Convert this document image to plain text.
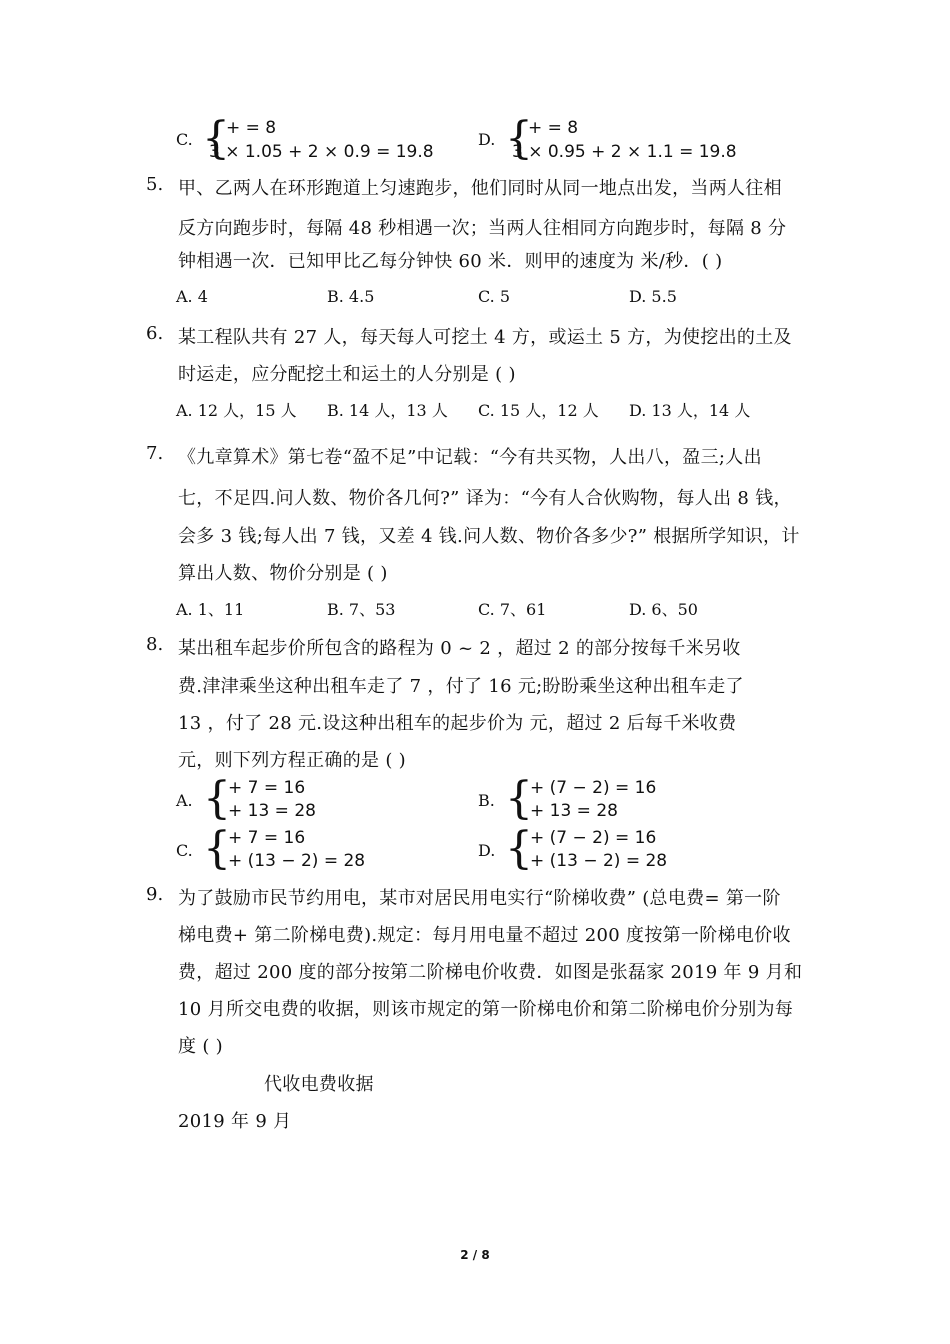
C. {
+ = 8
3 × 1.05 + 2 × 0.9 = 19.8
D. {
+ = 8
3 × 0.95 + 2 × 1.1 = 19.8
5. 甲、乙两人在环形跑道上匀速跑步，他们同时从同一地点出发，当两人往相
反方向跑步时，每隔 48 秒相遇一次；当两人往相同方向跑步时，每隔 8 分
钟相遇一次．已知甲比乙每分钟快 60 米．则甲的速度为 米/秒．( )
A. 4	B. 4.5	C. 5	D. 5.5
6. 某工程队共有 27 人，每天每人可挖土 4 方，或运土 5 方，为使挖出的土及
时运走，应分配挖土和运土的人分别是 ( )
A. 12 人，15 人 B. 14 人，13 人 C. 15 人，12 人 D. 13 人，14 人
7. 《九章算术》第七卷“盈不足”中记载：“今有共买物，人出八，盈三;人出
七，不足四.问人数、物价各几何?” 译为：“今有人合伙购物，每人出 8 钱，
会多 3 钱;每人出 7 钱，又差 4 钱.问人数、物价各多少?” 根据所学知识，计
算出人数、物价分别是 ( )
A. 1、11	B. 7、53	C. 7、61	D. 6、50
8. 某出租车起步价所包含的路程为 0 ~ 2 ，超过 2 的部分按每千米另收
费.津津乘坐这种出租车走了 7 ，付了 16 元;盼盼乘坐这种出租车走了
13 ，付了 28 元.设这种出租车的起步价为 元，超过 2 后每千米收费
元，则下列方程正确的是 ( )
A. {
+ 7 = 16
+ 13 = 28
B. {
+ (7 − 2) = 16
+ 13 = 28
C. {
+ 7 = 16
+ (13 − 2) = 28
D. {
+ (7 − 2) = 16
+ (13 − 2) = 28
9. 为了鼓励市民节约用电，某市对居民用电实行“阶梯收费” (总电费= 第一阶
梯电费+ 第二阶梯电费).规定：每月用电量不超过 200 度按第一阶梯电价收
费，超过 200 度的部分按第二阶梯电价收费．如图是张磊家 2019 年 9 月和
10 月所交电费的收据，则该市规定的第一阶梯电价和第二阶梯电价分别为每
度 ( )
代收电费收据
2019 年 9 月
2 / 8
